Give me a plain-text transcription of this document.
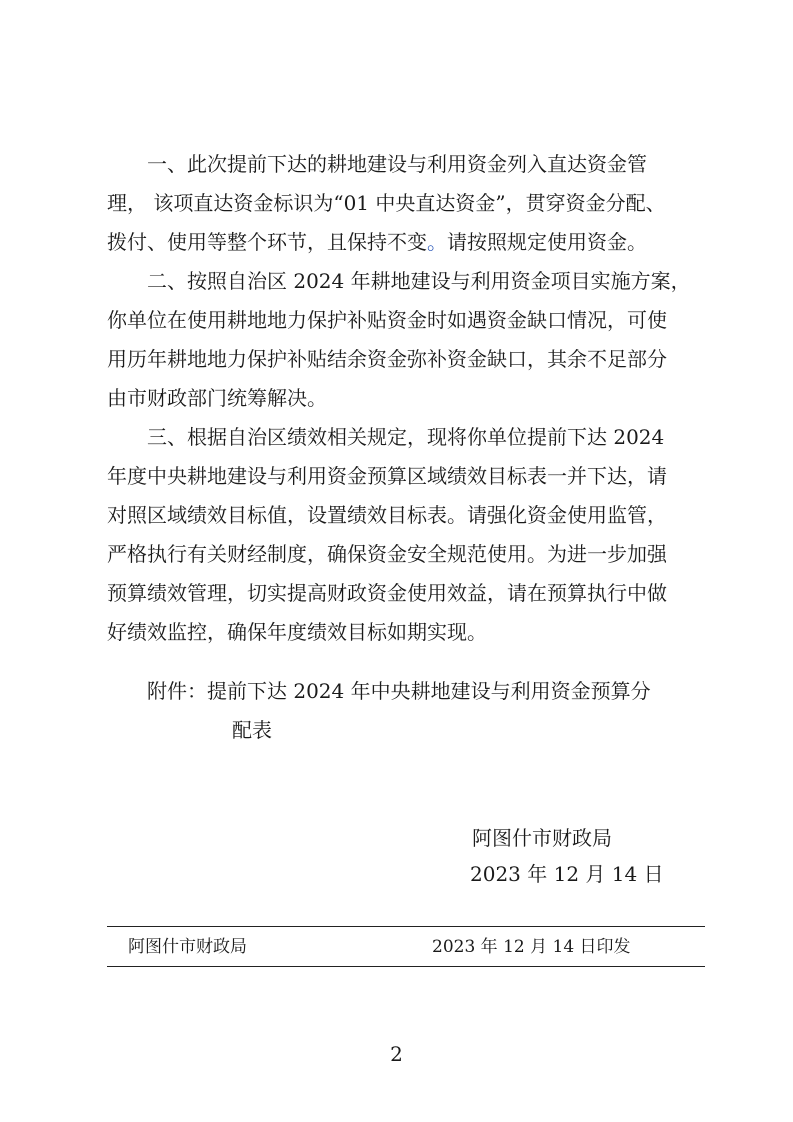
一、此次提前下达的耕地建设与利用资金列入直达资金管
理， 该项直达资金标识为“01 中央直达资金”，贯穿资金分配、
拨付、使用等整个环节，且保持不变。请按照规定使用资金。
二、按照自治区 2024 年耕地建设与利用资金项目实施方案，
你单位在使用耕地地力保护补贴资金时如遇资金缺口情况，可使
用历年耕地地力保护补贴结余资金弥补资金缺口，其余不足部分
由市财政部门统筹解决。
三、根据自治区绩效相关规定，现将你单位提前下达 2024
年度中央耕地建设与利用资金预算区域绩效目标表一并下达，请
对照区域绩效目标值，设置绩效目标表。请强化资金使用监管，
严格执行有关财经制度，确保资金安全规范使用。为进一步加强
预算绩效管理，切实提高财政资金使用效益，请在预算执行中做
好绩效监控，确保年度绩效目标如期实现。
附件：提前下达 2024 年中央耕地建设与利用资金预算分
配表
阿图什市财政局
2023 年 12 月 14 日
阿图什市财政局	2023 年 12 月 14 日印发
2
